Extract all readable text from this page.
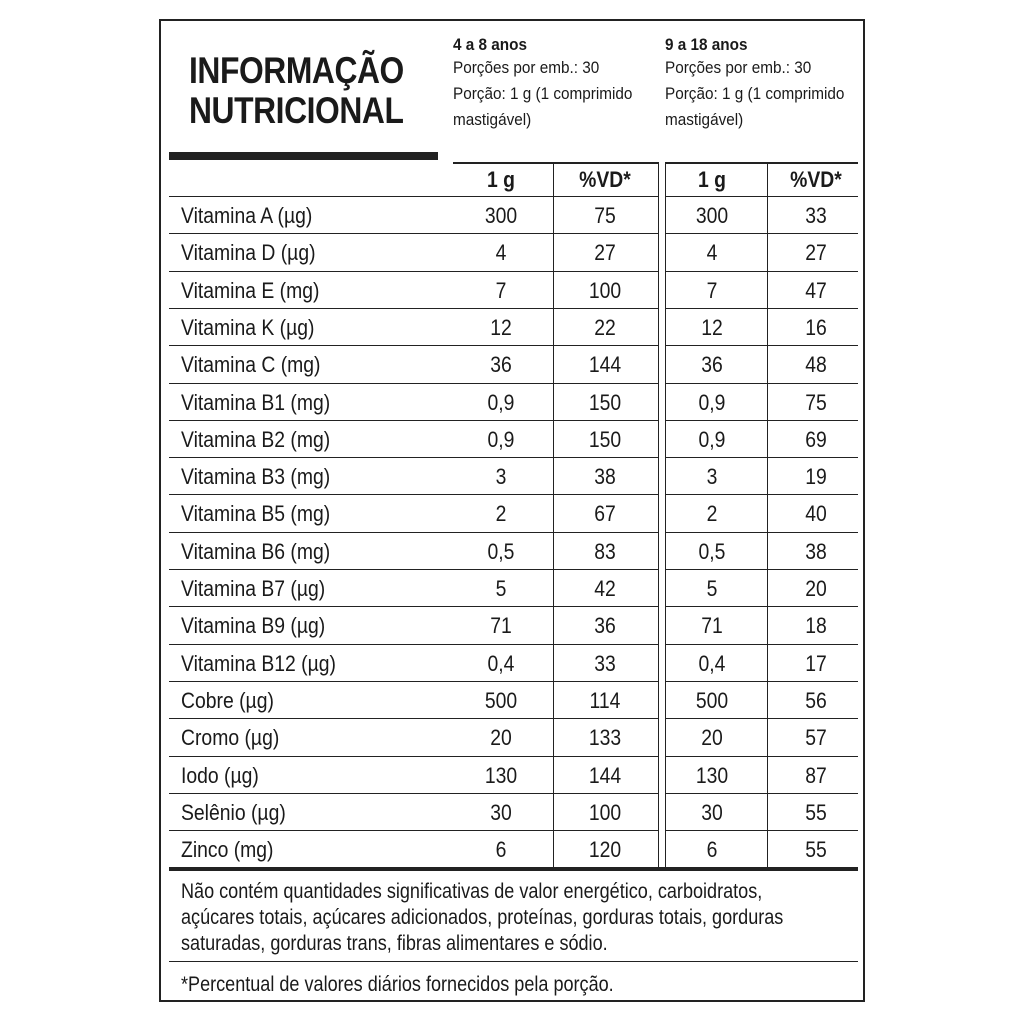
INFORMAÇÃO
NUTRICIONAL
4 a 8 anos
Porções por emb.: 30
Porção: 1 g (1 comprimido
mastigável)
9 a 18 anos
Porções por emb.: 30
Porção: 1 g (1 comprimido
mastigável)
1 g	%VD*	1 g	%VD*
Vitamina A (µg)	300	75	300	33
Vitamina D (µg)	4	27	4	27
Vitamina E (mg)	7	100	7	47
Vitamina K (µg)	12	22	12	16
Vitamina C (mg)	36	144	36	48
Vitamina B1 (mg)	0,9	150	0,9	75
Vitamina B2 (mg)	0,9	150	0,9	69
Vitamina B3 (mg)	3	38	3	19
Vitamina B5 (mg)	2	67	2	40
Vitamina B6 (mg)	0,5	83	0,5	38
Vitamina B7 (µg)	5	42	5	20
Vitamina B9 (µg)	71	36	71	18
Vitamina B12 (µg)	0,4	33	0,4	17
Cobre (µg)	500	114	500	56
Cromo (µg)	20	133	20	57
Iodo (µg)	130	144	130	87
Selênio (µg)	30	100	30	55
Zinco (mg)	6	120	6	55
Não contém quantidades significativas de valor energético, carboidratos, açúcares totais, açúcares adicionados, proteínas, gorduras totais, gorduras saturadas, gorduras trans, fibras alimentares e sódio.
*Percentual de valores diários fornecidos pela porção.
